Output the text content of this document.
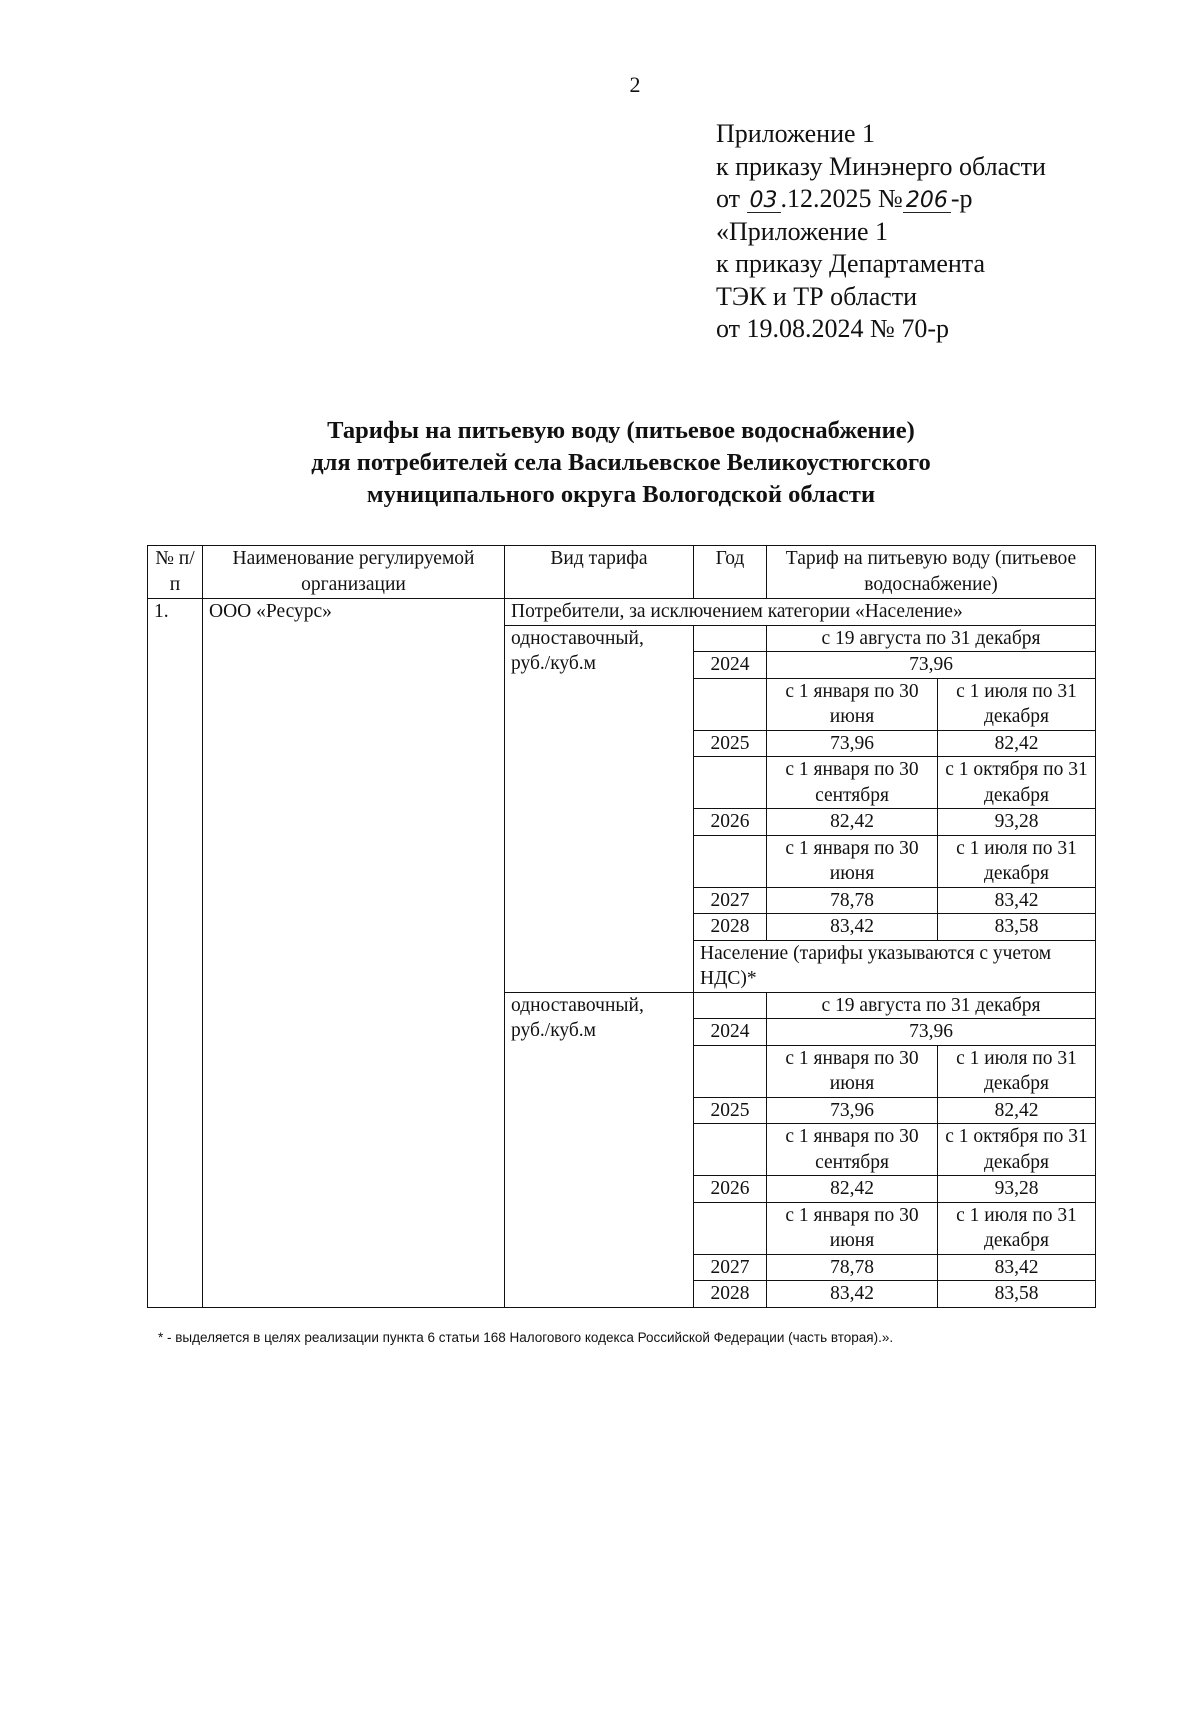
2
Приложение 1
к приказу Минэнерго области
от 03 .12.2025 № 206 -р
«Приложение 1
к приказу Департамента
ТЭК и ТР области
от 19.08.2024 № 70-р
Тарифы на питьевую воду (питьевое водоснабжение)
для потребителей села Васильевское Великоустюгского
муниципального округа Вологодской области
№ п/п	Наименование регулируемой организации	Вид тарифа	Год	Тариф на питьевую воду (питьевое водоснабжение)	
1.	ООО «Ресурс»	Потребители, за исключением категории «Население»			
		одноставочный, руб./куб.м		с 19 августа по 31 декабря	
			2024	73,96	
				с 1 января по 30 июня	с 1 июля по 31 декабря
			2025	73,96	82,42
				с 1 января по 30 сентября	с 1 октября по 31 декабря
			2026	82,42	93,28
				с 1 января по 30 июня	с 1 июля по 31 декабря
			2027	78,78	83,42
			2028	83,42	83,58
			Население (тарифы указываются с учетом НДС)*		
		одноставочный, руб./куб.м		с 19 августа по 31 декабря	
			2024	73,96	
				с 1 января по 30 июня	с 1 июля по 31 декабря
			2025	73,96	82,42
				с 1 января по 30 сентября	с 1 октября по 31 декабря
			2026	82,42	93,28
				с 1 января по 30 июня	с 1 июля по 31 декабря
			2027	78,78	83,42
			2028	83,42	83,58
* - выделяется в целях реализации пункта 6 статьи 168 Налогового кодекса Российской Федерации (часть вторая).».
